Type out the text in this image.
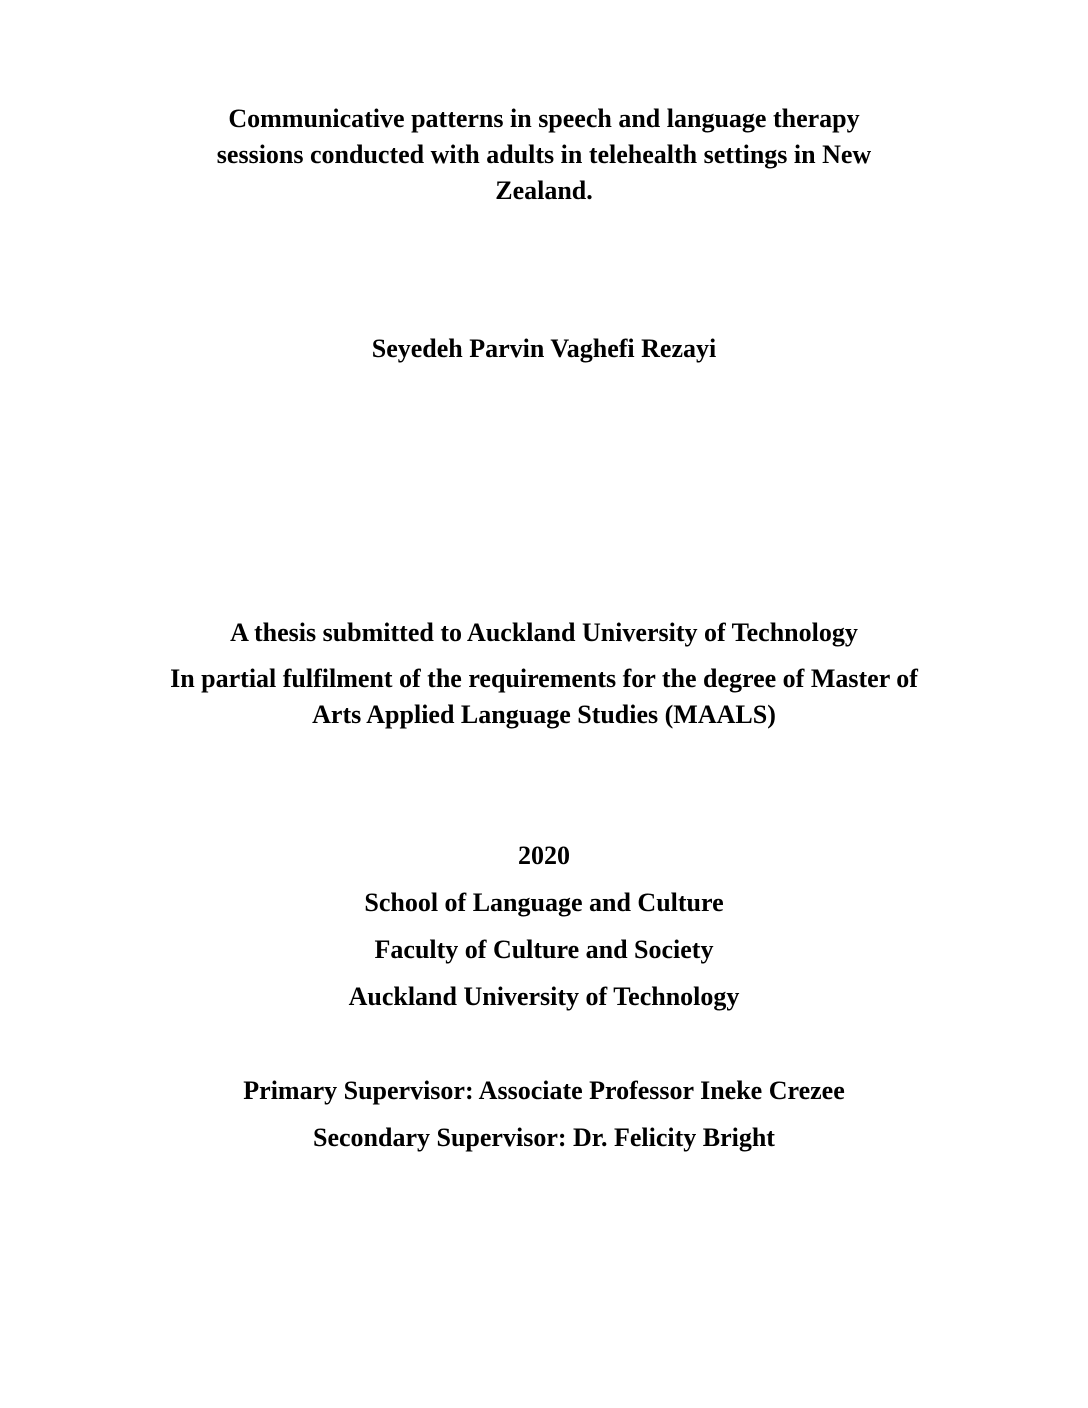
Communicative patterns in speech and language therapy
sessions conducted with adults in telehealth settings in New
Zealand.
Seyedeh Parvin Vaghefi Rezayi
A thesis submitted to Auckland University of Technology
In partial fulfilment of the requirements for the degree of Master of
Arts Applied Language Studies (MAALS)
2020
School of Language and Culture
Faculty of Culture and Society
Auckland University of Technology
Primary Supervisor: Associate Professor Ineke Crezee
Secondary Supervisor: Dr. Felicity Bright
